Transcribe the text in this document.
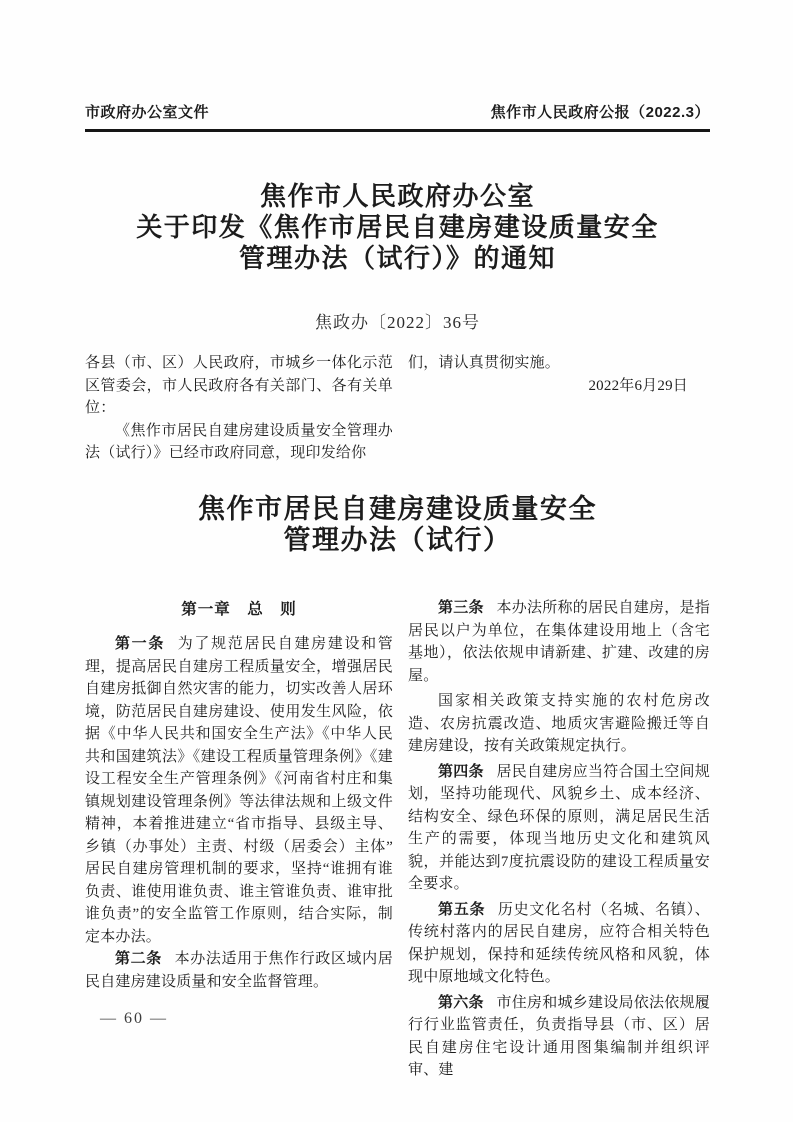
市政府办公室文件	焦作市人民政府公报（2022.3）
焦作市人民政府办公室
关于印发《焦作市居民自建房建设质量安全
管理办法（试行）》的通知
焦政办〔2022〕36号

各县（市、区）人民政府，市城乡一体化示范区管委会，市人民政府各有关部门、各有关单位：

《焦作市居民自建房建设质量安全管理办法（试行）》已经市政府同意，现印发给你

们，请认真贯彻实施。

2022年6月29日

焦作市居民自建房建设质量安全
管理办法（试行）
第一章　总　则

第一条 为了规范居民自建房建设和管理，提高居民自建房工程质量安全，增强居民自建房抵御自然灾害的能力，切实改善人居环境，防范居民自建房建设、使用发生风险，依据《中华人民共和国安全生产法》《中华人民共和国建筑法》《建设工程质量管理条例》《建设工程安全生产管理条例》《河南省村庄和集镇规划建设管理条例》等法律法规和上级文件精神，本着推进建立“省市指导、县级主导、乡镇（办事处）主责、村级（居委会）主体”居民自建房管理机制的要求，坚持“谁拥有谁负责、谁使用谁负责、谁主管谁负责、谁审批谁负责”的安全监管工作原则，结合实际，制定本办法。

第二条 本办法适用于焦作行政区域内居民自建房建设质量和安全监督管理。

第三条 本办法所称的居民自建房，是指居民以户为单位，在集体建设用地上（含宅基地），依法依规申请新建、扩建、改建的房屋。

国家相关政策支持实施的农村危房改造、农房抗震改造、地质灾害避险搬迁等自建房建设，按有关政策规定执行。

第四条 居民自建房应当符合国土空间规划，坚持功能现代、风貌乡土、成本经济、结构安全、绿色环保的原则，满足居民生活生产的需要，体现当地历史文化和建筑风貌，并能达到7度抗震设防的建设工程质量安全要求。

第五条 历史文化名村（名城、名镇）、传统村落内的居民自建房，应符合相关特色保护规划，保持和延续传统风格和风貌，体现中原地域文化特色。

第六条 市住房和城乡建设局依法依规履行行业监管责任，负责指导县（市、区）居民自建房住宅设计通用图集编制并组织评审、建

— 60 —
